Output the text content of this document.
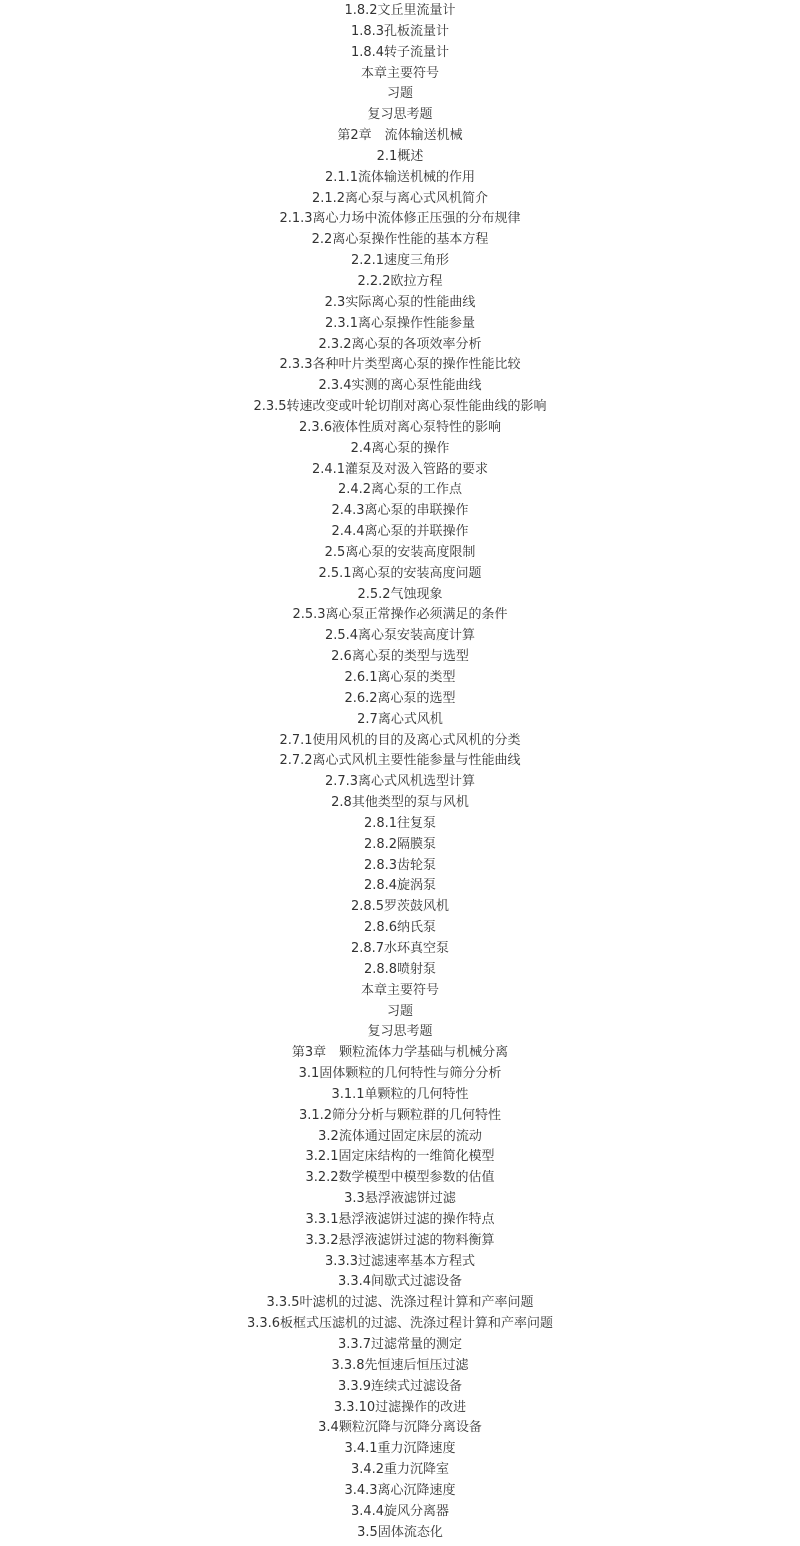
1.8.2文丘里流量计
1.8.3孔板流量计
1.8.4转子流量计
本章主要符号
习题
复习思考题
第2章　流体输送机械
2.1概述
2.1.1流体输送机械的作用
2.1.2离心泵与离心式风机简介
2.1.3离心力场中流体修正压强的分布规律
2.2离心泵操作性能的基本方程
2.2.1速度三角形
2.2.2欧拉方程
2.3实际离心泵的性能曲线
2.3.1离心泵操作性能参量
2.3.2离心泵的各项效率分析
2.3.3各种叶片类型离心泵的操作性能比较
2.3.4实测的离心泵性能曲线
2.3.5转速改变或叶轮切削对离心泵性能曲线的影响
2.3.6液体性质对离心泵特性的影响
2.4离心泵的操作
2.4.1灌泵及对汲入管路的要求
2.4.2离心泵的工作点
2.4.3离心泵的串联操作
2.4.4离心泵的并联操作
2.5离心泵的安装高度限制
2.5.1离心泵的安装高度问题
2.5.2气蚀现象
2.5.3离心泵正常操作必须满足的条件
2.5.4离心泵安装高度计算
2.6离心泵的类型与选型
2.6.1离心泵的类型
2.6.2离心泵的选型
2.7离心式风机
2.7.1使用风机的目的及离心式风机的分类
2.7.2离心式风机主要性能参量与性能曲线
2.7.3离心式风机选型计算
2.8其他类型的泵与风机
2.8.1往复泵
2.8.2隔膜泵
2.8.3齿轮泵
2.8.4旋涡泵
2.8.5罗茨鼓风机
2.8.6纳氏泵
2.8.7水环真空泵
2.8.8喷射泵
本章主要符号
习题
复习思考题
第3章　颗粒流体力学基础与机械分离
3.1固体颗粒的几何特性与筛分分析
3.1.1单颗粒的几何特性
3.1.2筛分分析与颗粒群的几何特性
3.2流体通过固定床层的流动
3.2.1固定床结构的一维简化模型
3.2.2数学模型中模型参数的估值
3.3悬浮液滤饼过滤
3.3.1悬浮液滤饼过滤的操作特点
3.3.2悬浮液滤饼过滤的物料衡算
3.3.3过滤速率基本方程式
3.3.4间歇式过滤设备
3.3.5叶滤机的过滤、洗涤过程计算和产率问题
3.3.6板框式压滤机的过滤、洗涤过程计算和产率问题
3.3.7过滤常量的测定
3.3.8先恒速后恒压过滤
3.3.9连续式过滤设备
3.3.10过滤操作的改进
3.4颗粒沉降与沉降分离设备
3.4.1重力沉降速度
3.4.2重力沉降室
3.4.3离心沉降速度
3.4.4旋风分离器
3.5固体流态化
